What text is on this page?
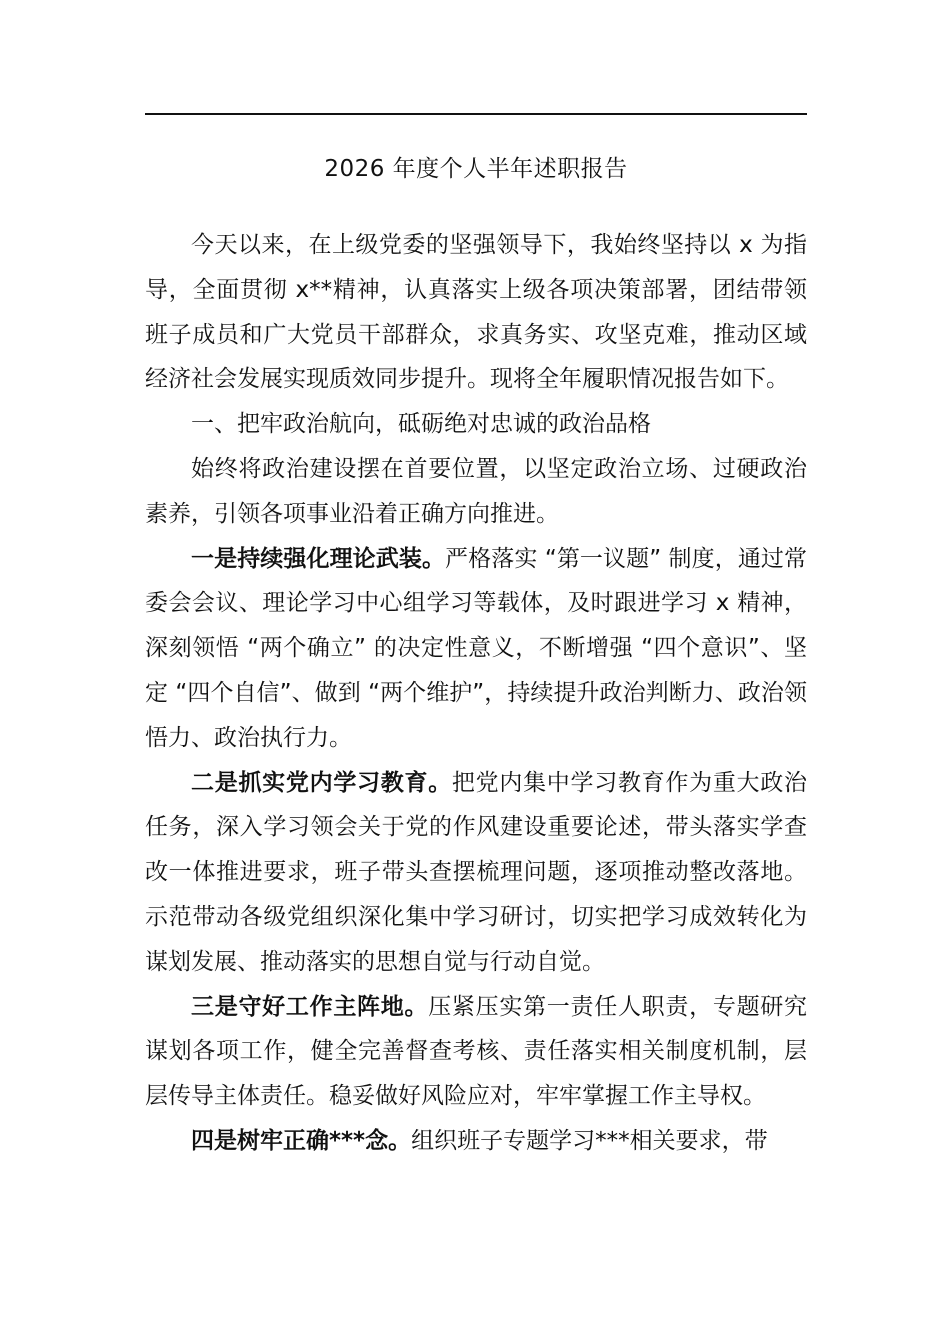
2026 年度个人半年述职报告

今天以来，在上级党委的坚强领导下，我始终坚持以 x 为指导，全面贯彻 x**精神，认真落实上级各项决策部署，团结带领班子成员和广大党员干部群众，求真务实、攻坚克难，推动区域经济社会发展实现质效同步提升。现将全年履职情况报告如下。

一、把牢政治航向，砥砺绝对忠诚的政治品格

始终将政治建设摆在首要位置，以坚定政治立场、过硬政治素养，引领各项事业沿着正确方向推进。

一是持续强化理论武装。严格落实 “第一议题” 制度，通过常委会会议、理论学习中心组学习等载体，及时跟进学习 x 精神，深刻领悟 “两个确立” 的决定性意义，不断增强 “四个意识”、坚定 “四个自信”、做到 “两个维护”，持续提升政治判断力、政治领悟力、政治执行力。

二是抓实党内学习教育。把党内集中学习教育作为重大政治任务，深入学习领会关于党的作风建设重要论述，带头落实学查改一体推进要求，班子带头查摆梳理问题，逐项推动整改落地。示范带动各级党组织深化集中学习研讨，切实把学习成效转化为谋划发展、推动落实的思想自觉与行动自觉。

三是守好工作主阵地。压紧压实第一责任人职责，专题研究谋划各项工作，健全完善督查考核、责任落实相关制度机制，层层传导主体责任。稳妥做好风险应对，牢牢掌握工作主导权。

四是树牢正确***念。组织班子专题学习***相关要求，带
